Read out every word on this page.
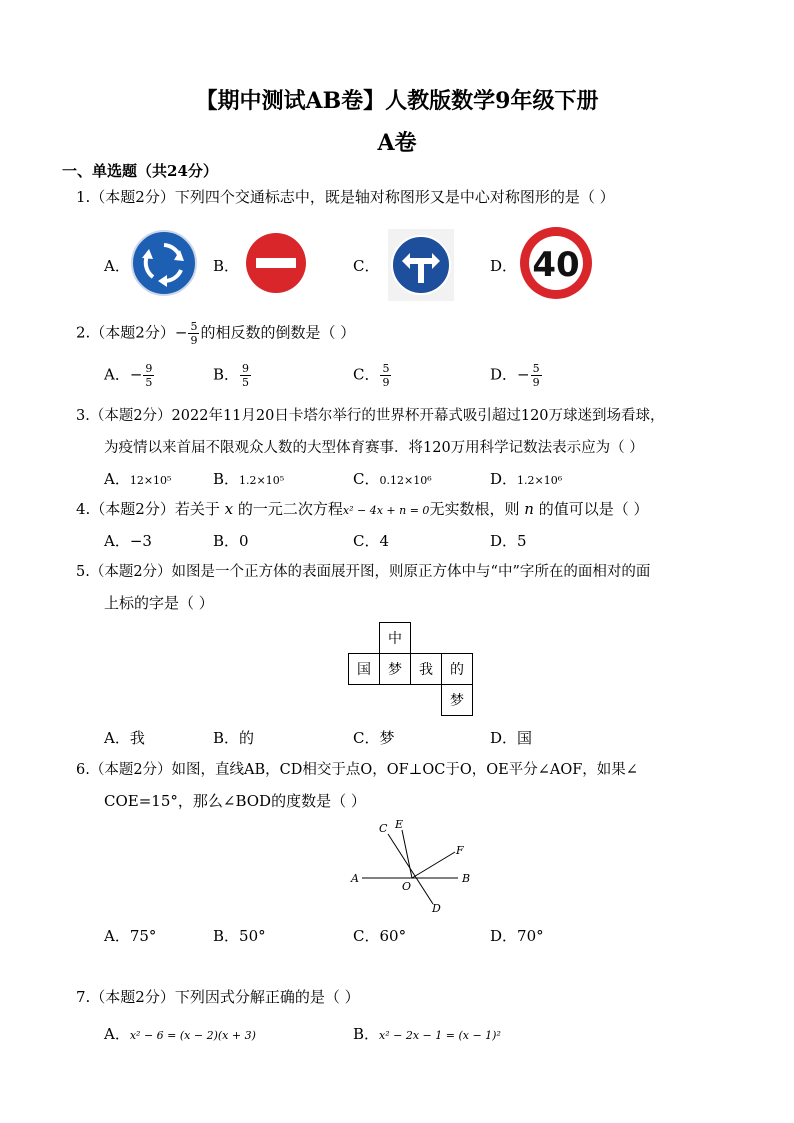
【期中测试AB卷】人教版数学9年级下册
A卷
一、单选题（共24分）
1.（本题2分）下列四个交通标志中，既是轴对称图形又是中心对称图形的是（ ）
A．	B．	C．	D． 40
2.（本题2分）− $\frac{5}{9}$ 的相反数的倒数是（ ）
A．− $\frac{9}{5}$	B． $\frac{9}{5}$	C． $\frac{5}{9}$	D．− $\frac{5}{9}$
3.（本题2分）2022年11月20日卡塔尔举行的世界杯开幕式吸引超过120万球迷到场看球，
为疫情以来首届不限观众人数的大型体育赛事．将120万用科学记数法表示应为（ ）
A．12×10⁵	B．1.2×10⁵	C．0.12×10⁶	D．1.2×10⁶
4.（本题2分）若关于 x 的一元二次方程x² − 4x + n = 0无实数根，则 n 的值可以是（ ）
A．−3	B．0	C．4	D．5
5.（本题2分）如图是一个正方体的表面展开图，则原正方体中与“中”字所在的面相对的面
上标的字是（ ）
	中		
国	梦	我	的
			梦
A．我	B．的	C．梦	D．国
6.（本题2分）如图，直线AB，CD相交于点O，OF⊥OC于O，OE平分∠AOF，如果∠
COE=15°，那么∠BOD的度数是（ ）
A	B
C
D
E
F
O
A．75°	B．50°	C．60°	D．70°
7.（本题2分）下列因式分解正确的是（ ）
A．x² − 6 = (x − 2)(x + 3)	B．x² − 2x − 1 = (x − 1)²
